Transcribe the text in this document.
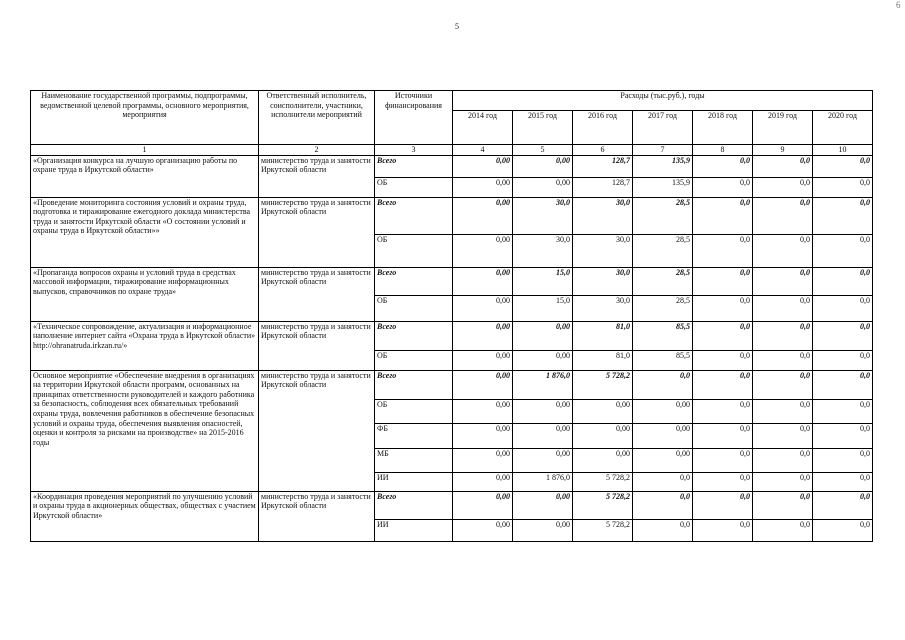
5
6
Наименование государственной программы, подпрограммы, ведомственной целевой программы, основного мероприятия, мероприятия	Ответственный исполнитель, соисполнители, участники, исполнители мероприятий	Источники финансирования	Расходы (тыс.руб.), годы						
			2014 год	2015 год	2016 год	2017 год	2018 год	2019 год	2020 год
1	2	3	4	5	6	7	8	9	10
«Организация конкурса на лучшую организацию работы по охране труда в Иркутской области»	министерство труда и занятости Иркутской области	Всего	0,00	0,00	128,7	135,9	0,0	0,0	0,0
		ОБ	0,00	0,00	128,7	135,9	0,0	0,0	0,0
«Проведение мониторинга состояния условий и охраны труда, подготовка и тиражирование ежегодного доклада министерства труда и занятости Иркутской области «О состоянии условий и охраны труда в Иркутской области»»	министерство труда и занятости Иркутской области	Всего	0,00	30,0	30,0	28,5	0,0	0,0	0,0
		ОБ	0,00	30,0	30,0	28,5	0,0	0,0	0,0
«Пропаганда вопросов охраны и условий труда в средствах массовой информации, тиражирование информационных выпусков, справочников по охране труда»	министерство труда и занятости Иркутской области	Всего	0,00	15,0	30,0	28,5	0,0	0,0	0,0
		ОБ	0,00	15,0	30,0	28,5	0,0	0,0	0,0
«Техническое сопровождение, актуализация и информационное наполнение интернет сайта «Охрана труда в Иркутской области» http://ohranatruda.irkzan.ru/»	министерство труда и занятости Иркутской области	Всего	0,00	0,00	81,0	85,5	0,0	0,0	0,0
		ОБ	0,00	0,00	81,0	85,5	0,0	0,0	0,0
Основное мероприятие «Обеспечение внедрения в организациях на территории Иркутской области программ, основанных на принципах ответственности руководителей и каждого работника за безопасность, соблюдения всех обязательных требований охраны труда, вовлечения работников в обеспечение безопасных условий и охраны труда, обеспечения выявления опасностей, оценки и контроля за рисками на производстве» на 2015-2016 годы	министерство труда и занятости Иркутской области	Всего	0,00	1 876,0	5 728,2	0,0	0,0	0,0	0,0
		ОБ	0,00	0,00	0,00	0,00	0,0	0,0	0,0
		ФБ	0,00	0,00	0,00	0,00	0,0	0,0	0,0
		МБ	0,00	0,00	0,00	0,00	0,0	0,0	0,0
		ИИ	0,00	1 876,0	5 728,2	0,0	0,0	0,0	0,0
«Координация проведения мероприятий по улучшению условий и охраны труда в акционерных обществах, обществах с участием Иркутской области»	министерство труда и занятости Иркутской области	Всего	0,00	0,00	5 728,2	0,0	0,0	0,0	0,0
		ИИ	0,00	0,00	5 728,2	0,0	0,0	0,0	0,0
